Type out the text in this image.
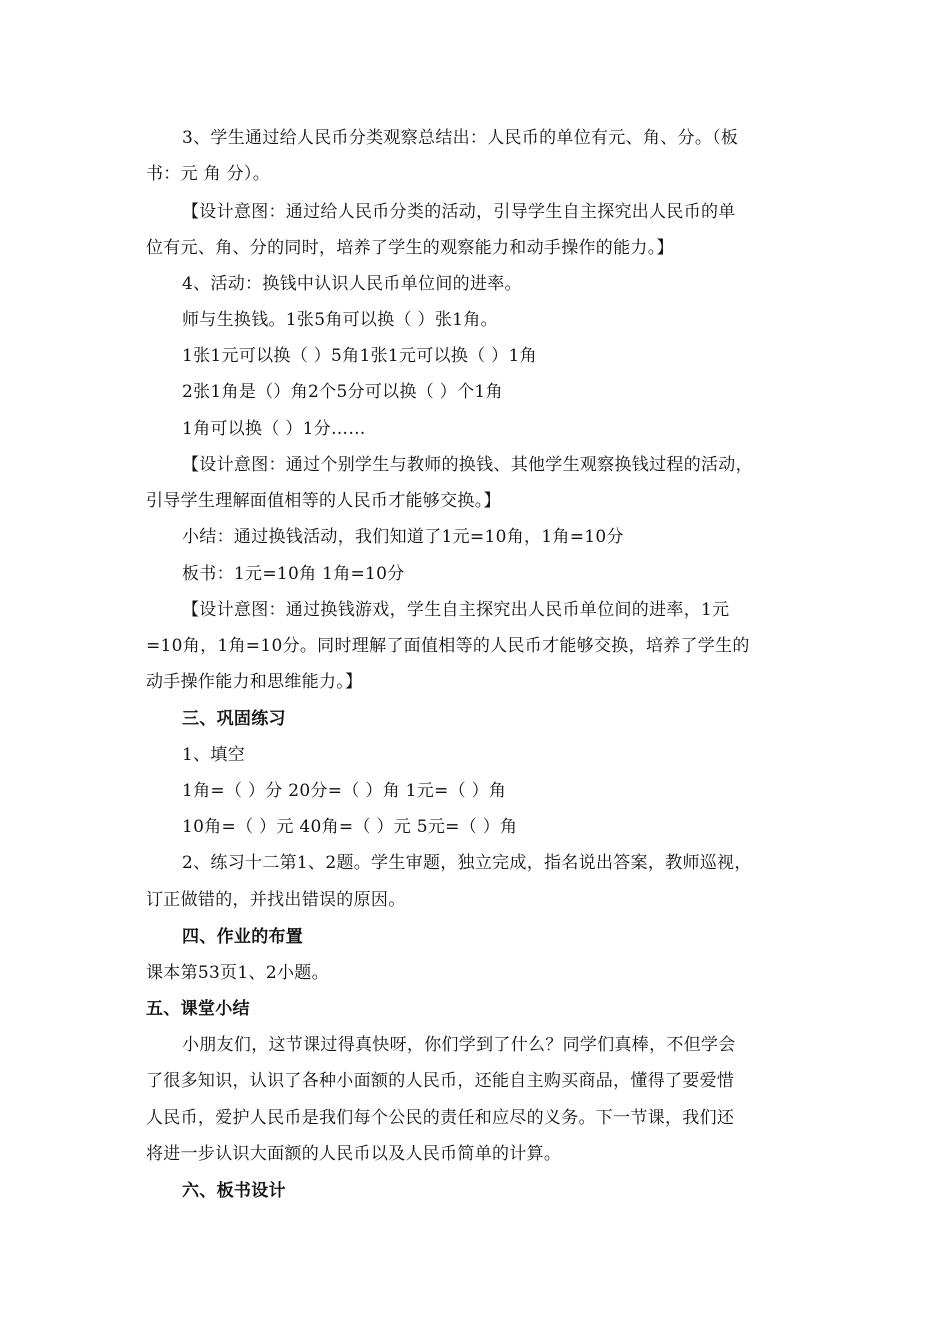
3、学生通过给人民币分类观察总结出：人民币的单位有元、角、分。（板
书：元 角 分）。
【设计意图：通过给人民币分类的活动，引导学生自主探究出人民币的单
位有元、角、分的同时，培养了学生的观察能力和动手操作的能力。】
4、活动：换钱中认识人民币单位间的进率。
师与生换钱。1张5角可以换（ ）张1角。
1张1元可以换（ ）5角1张1元可以换（ ）1角
2张1角是（）角2个5分可以换（ ）个1角
1角可以换（ ）1分……
【设计意图：通过个别学生与教师的换钱、其他学生观察换钱过程的活动，
引导学生理解面值相等的人民币才能够交换。】
小结：通过换钱活动，我们知道了1元=10角，1角=10分
板书：1元=10角 1角=10分
【设计意图：通过换钱游戏，学生自主探究出人民币单位间的进率，1元
=10角，1角=10分。同时理解了面值相等的人民币才能够交换，培养了学生的
动手操作能力和思维能力。】
三、巩固练习
1、填空
1角=（ ）分 20分=（ ）角 1元=（ ）角
10角=（ ）元 40角=（ ）元 5元=（ ）角
2、练习十二第1、2题。学生审题，独立完成，指名说出答案，教师巡视，
订正做错的，并找出错误的原因。
四、作业的布置
课本第53页1、2小题。
五、课堂小结
小朋友们，这节课过得真快呀，你们学到了什么？同学们真棒，不但学会
了很多知识，认识了各种小面额的人民币，还能自主购买商品，懂得了要爱惜
人民币，爱护人民币是我们每个公民的责任和应尽的义务。下一节课，我们还
将进一步认识大面额的人民币以及人民币简单的计算。
六、板书设计
